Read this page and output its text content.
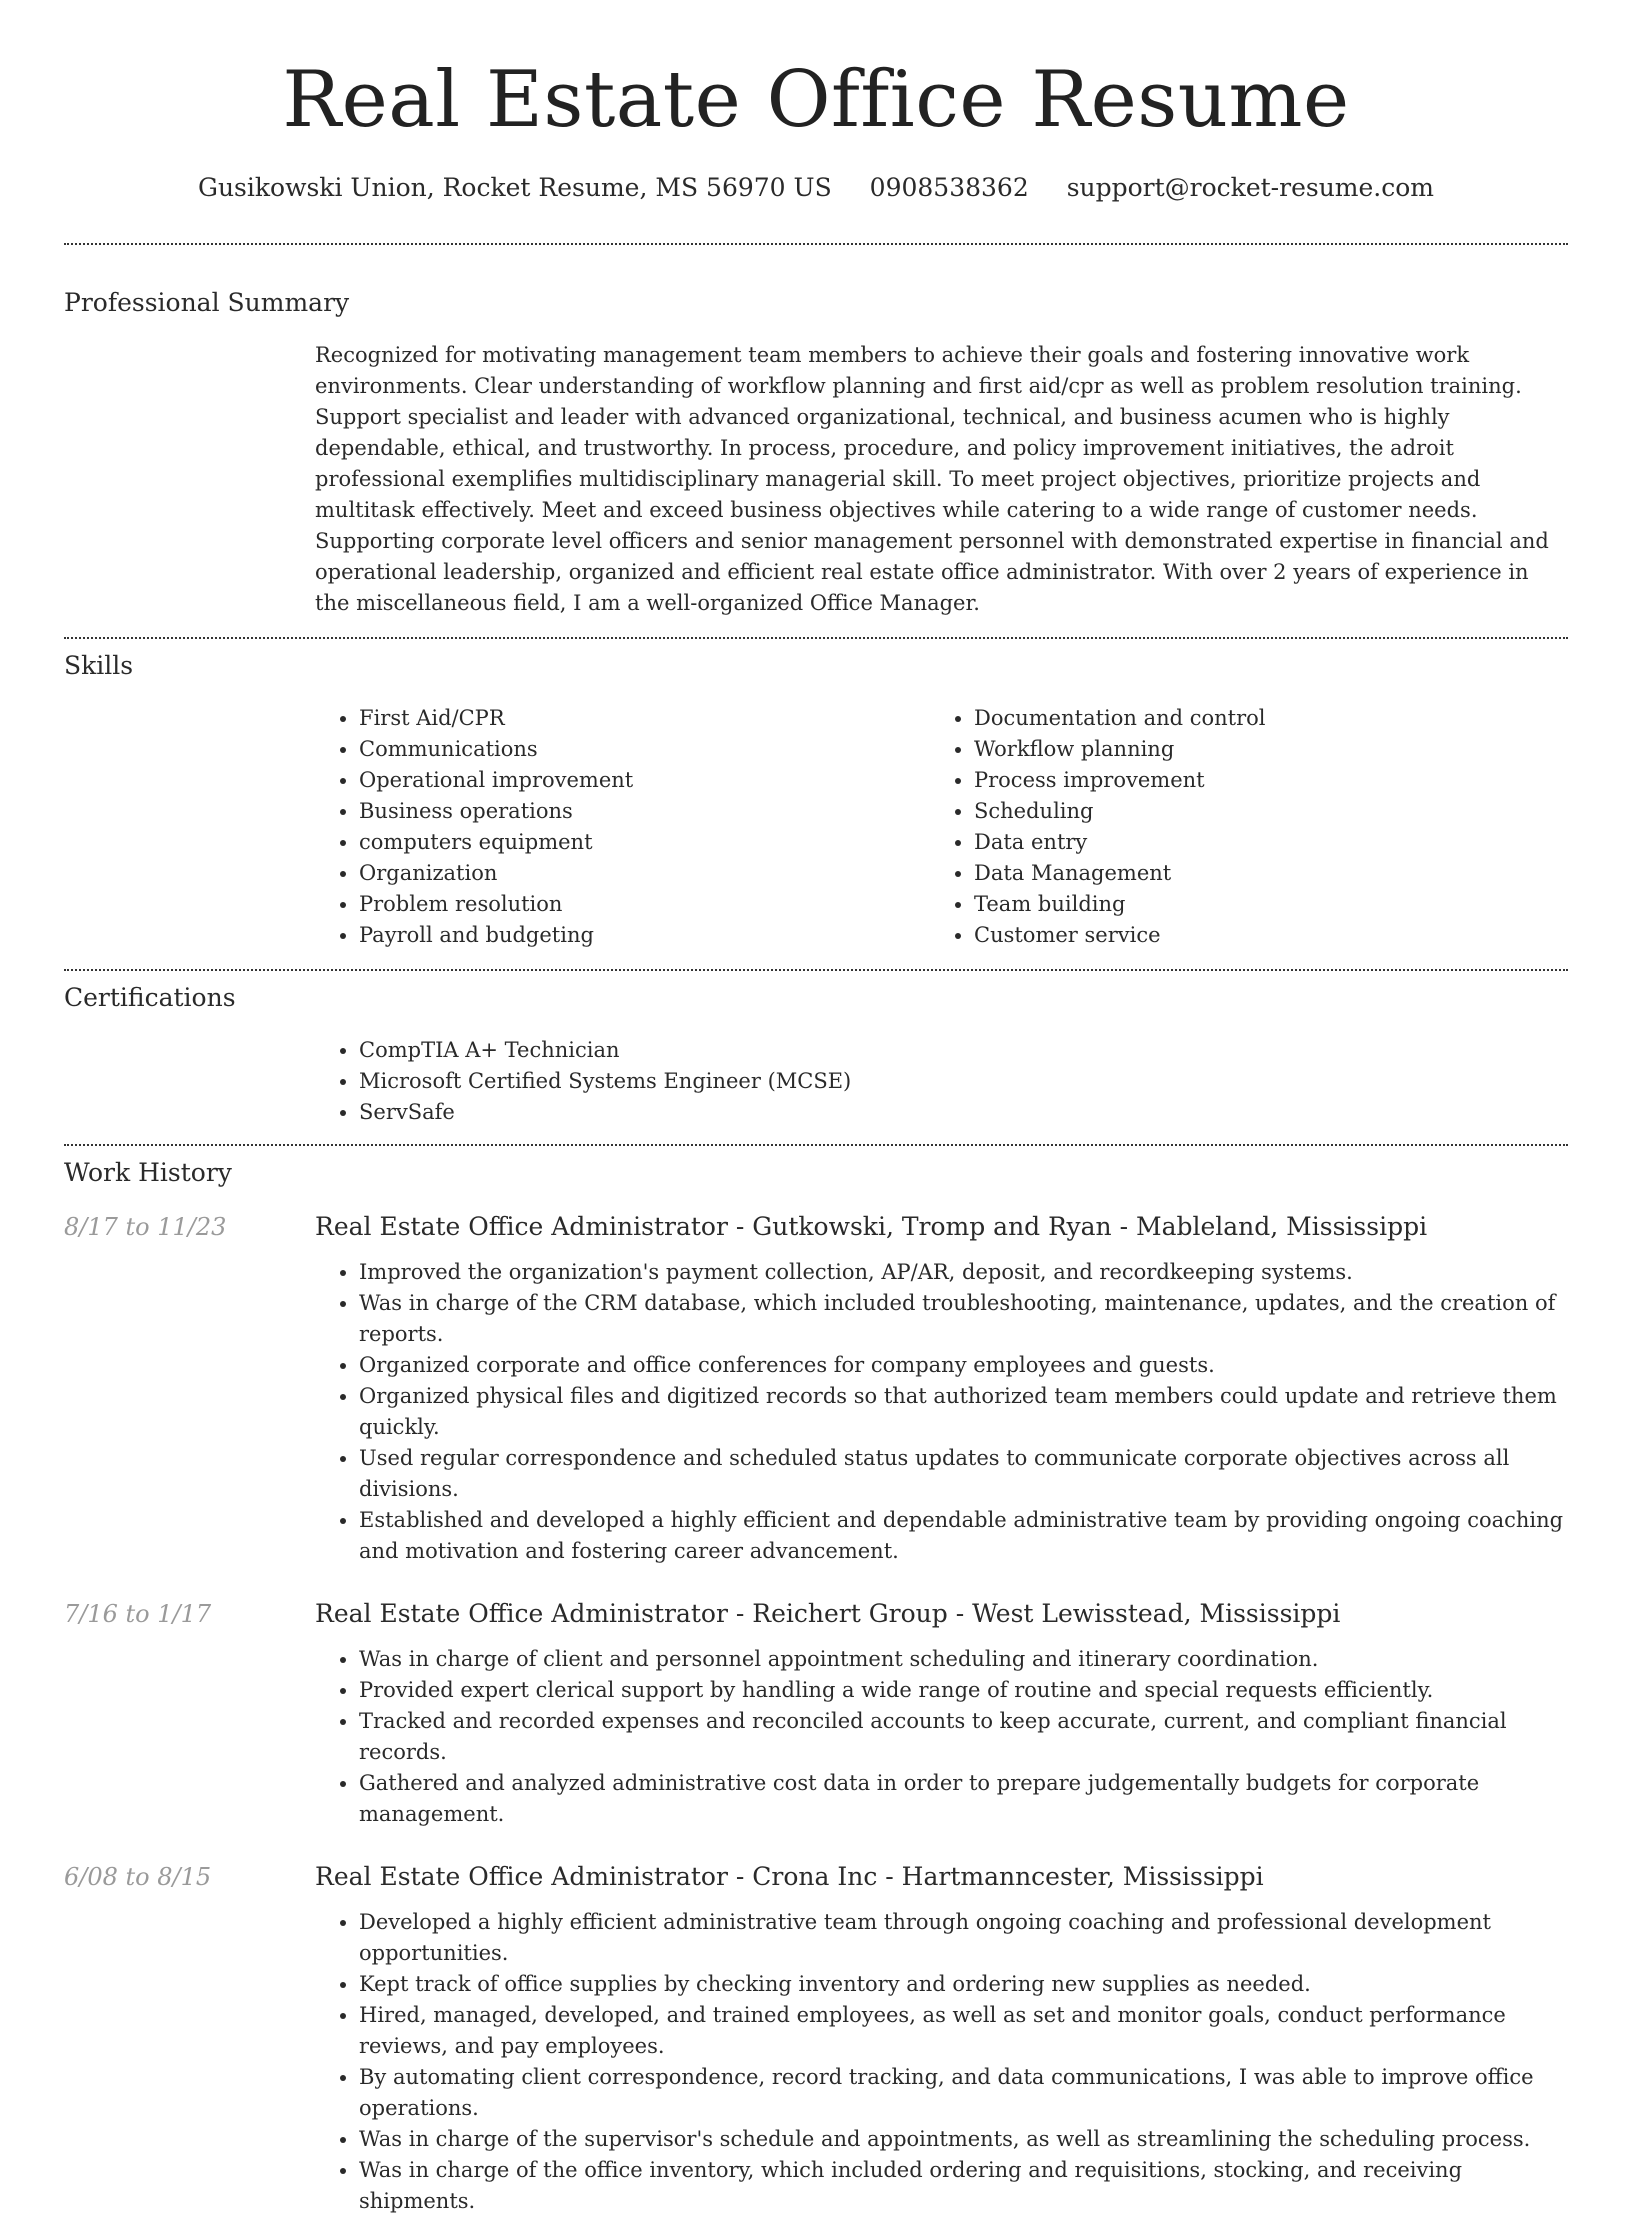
Real Estate Office Resume
Gusikowski Union, Rocket Resume, MS 56970 US 0908538362 support@rocket-resume.com
Professional Summary
Recognized for motivating management team members to achieve their goals and fostering innovative work environments. Clear understanding of workflow planning and first aid/cpr as well as problem resolution training. Support specialist and leader with advanced organizational, technical, and business acumen who is highly dependable, ethical, and trustworthy. In process, procedure, and policy improvement initiatives, the adroit professional exemplifies multidisciplinary managerial skill. To meet project objectives, prioritize projects and multitask effectively. Meet and exceed business objectives while catering to a wide range of customer needs. Supporting corporate level officers and senior management personnel with demonstrated expertise in financial and operational leadership, organized and efficient real estate office administrator. With over 2 years of experience in the miscellaneous field, I am a well-organized Office Manager.
Skills
• First Aid/CPR
• Communications
• Operational improvement
• Business operations
• computers equipment
• Organization
• Problem resolution
• Payroll and budgeting
• Documentation and control
• Workflow planning
• Process improvement
• Scheduling
• Data entry
• Data Management
• Team building
• Customer service
Certifications
• CompTIA A+ Technician
• Microsoft Certified Systems Engineer (MCSE)
• ServSafe
Work History
8/17 to 11/23	Real Estate Office Administrator - Gutkowski, Tromp and Ryan - Mableland, Mississippi
• Improved the organization's payment collection, AP/AR, deposit, and recordkeeping systems.
• Was in charge of the CRM database, which included troubleshooting, maintenance, updates, and the creation of reports.
• Organized corporate and office conferences for company employees and guests.
• Organized physical files and digitized records so that authorized team members could update and retrieve them quickly.
• Used regular correspondence and scheduled status updates to communicate corporate objectives across all divisions.
• Established and developed a highly efficient and dependable administrative team by providing ongoing coaching and motivation and fostering career advancement.
7/16 to 1/17	Real Estate Office Administrator - Reichert Group - West Lewisstead, Mississippi
• Was in charge of client and personnel appointment scheduling and itinerary coordination.
• Provided expert clerical support by handling a wide range of routine and special requests efficiently.
• Tracked and recorded expenses and reconciled accounts to keep accurate, current, and compliant financial records.
• Gathered and analyzed administrative cost data in order to prepare judgementally budgets for corporate management.
6/08 to 8/15	Real Estate Office Administrator - Crona Inc - Hartmanncester, Mississippi
• Developed a highly efficient administrative team through ongoing coaching and professional development opportunities.
• Kept track of office supplies by checking inventory and ordering new supplies as needed.
• Hired, managed, developed, and trained employees, as well as set and monitor goals, conduct performance reviews, and pay employees.
• By automating client correspondence, record tracking, and data communications, I was able to improve office operations.
• Was in charge of the supervisor's schedule and appointments, as well as streamlining the scheduling process.
• Was in charge of the office inventory, which included ordering and requisitions, stocking, and receiving shipments.
